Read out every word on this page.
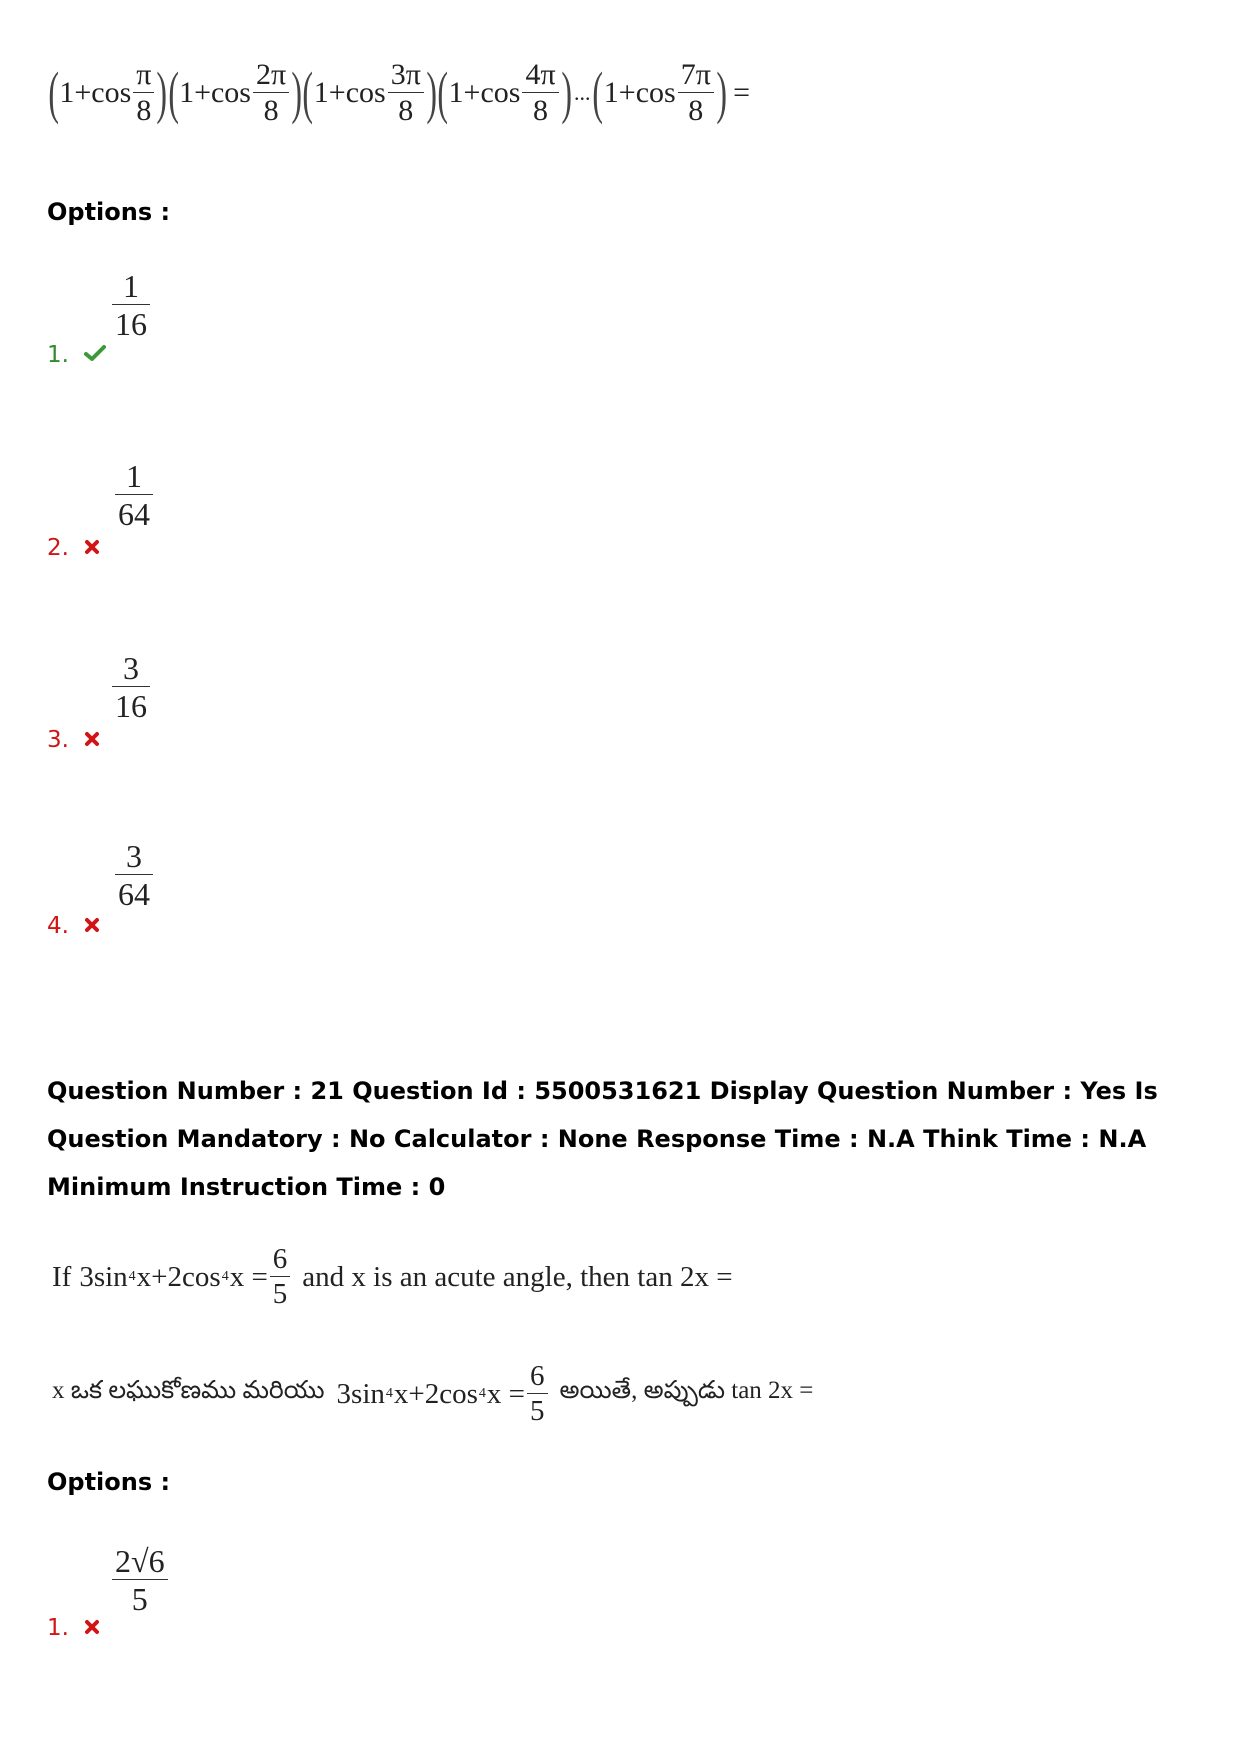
( $1+ \cos \frac{\pi}{8}$ ) ( $1+ \cos \frac{2\pi}{8}$ ) ( $1+ \cos \frac{3\pi}{8}$ ) ( $1+ \cos \frac{4\pi}{8}$ ) ... ( $1+ \cos \frac{7\pi}{8}$ ) =
Options :
1.
1
16
2.
1
64
3.
3
16
4.
3
64
Question Number : 21 Question Id : 5500531621 Display Question Number : Yes Is Question Mandatory : No Calculator : None Response Time : N.A Think Time : N.A Minimum Instruction Time : 0
If 3sin 4 x+2cos 4 $x = \frac{6}{5}$ and x is an acute angle, then tan 2x =
x ఒక లఘుకోణము మరియు 3sin 4 x+2cos 4 $x = \frac{6}{5}$ అయితే, అప్పుడు tan 2x =
Options :
1.
2√6
5
